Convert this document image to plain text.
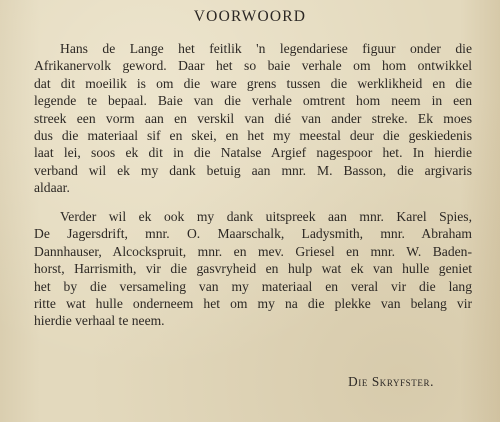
VOORWOORD
Hans de Lange het feitlik 'n legendariese figuur onder die
Afrikanervolk geword. Daar het so baie verhale om hom ontwikkel
dat dit moeilik is om die ware grens tussen die werklikheid en die
legende te bepaal. Baie van die verhale omtrent hom neem in een
streek een vorm aan en verskil van dié van ander streke. Ek moes
dus die materiaal sif en skei, en het my meestal deur die geskiedenis
laat lei, soos ek dit in die Natalse Argief nagespoor het. In hierdie
verband wil ek my dank betuig aan mnr. M. Basson, die argivaris
aldaar.
Verder wil ek ook my dank uitspreek aan mnr. Karel Spies,
De Jagersdrift, mnr. O. Maarschalk, Ladysmith, mnr. Abraham
Dannhauser, Alcockspruit, mnr. en mev. Griesel en mnr. W. Baden-
horst, Harrismith, vir die gasvryheid en hulp wat ek van hulle geniet
het by die versameling van my materiaal en veral vir die lang
ritte wat hulle onderneem het om my na die plekke van belang vir
hierdie verhaal te neem.
Die Skryfster.
